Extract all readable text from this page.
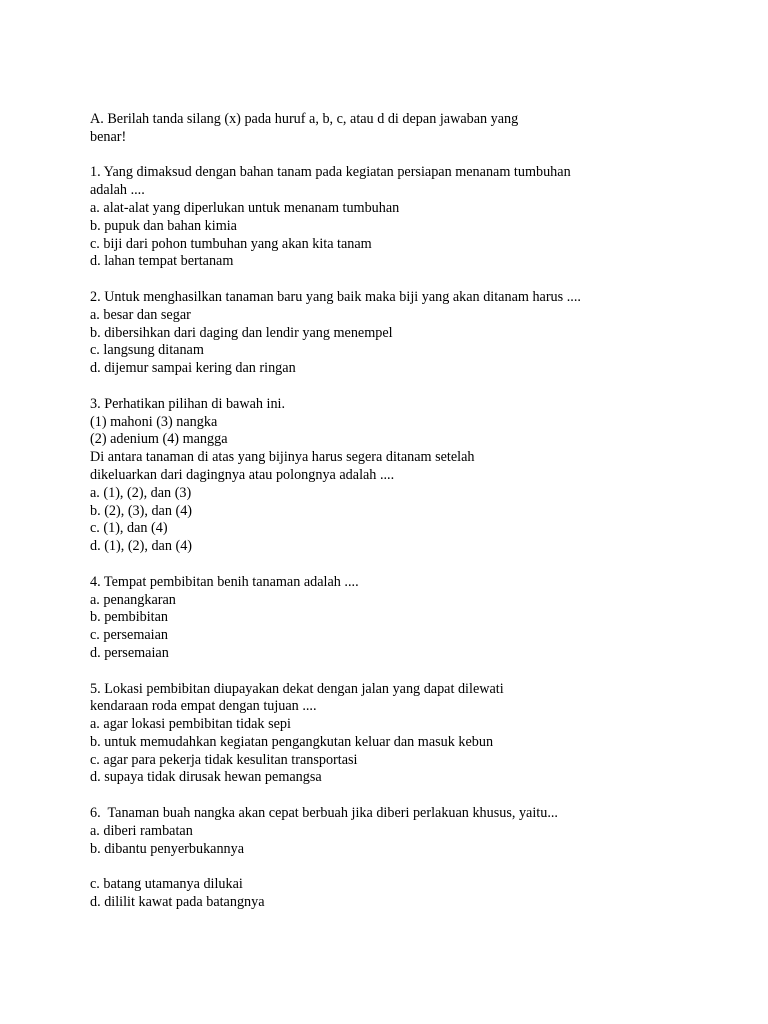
A. Berilah tanda silang (x) pada huruf a, b, c, atau d di depan jawaban yang
benar!
1. Yang dimaksud dengan bahan tanam pada kegiatan persiapan menanam tumbuhan
adalah ....
a. alat-alat yang diperlukan untuk menanam tumbuhan
b. pupuk dan bahan kimia
c. biji dari pohon tumbuhan yang akan kita tanam
d. lahan tempat bertanam
2. Untuk menghasilkan tanaman baru yang baik maka biji yang akan ditanam harus ....
a. besar dan segar
b. dibersihkan dari daging dan lendir yang menempel
c. langsung ditanam
d. dijemur sampai kering dan ringan
3. Perhatikan pilihan di bawah ini.
(1) mahoni (3) nangka
(2) adenium (4) mangga
Di antara tanaman di atas yang bijinya harus segera ditanam setelah
dikeluarkan dari dagingnya atau polongnya adalah ....
a. (1), (2), dan (3)
b. (2), (3), dan (4)
c. (1), dan (4)
d. (1), (2), dan (4)
4. Tempat pembibitan benih tanaman adalah ....
a. penangkaran
b. pembibitan
c. persemaian
d. persemaian
5. Lokasi pembibitan diupayakan dekat dengan jalan yang dapat dilewati
kendaraan roda empat dengan tujuan ....
a. agar lokasi pembibitan tidak sepi
b. untuk memudahkan kegiatan pengangkutan keluar dan masuk kebun
c. agar para pekerja tidak kesulitan transportasi
d. supaya tidak dirusak hewan pemangsa
6.  Tanaman buah nangka akan cepat berbuah jika diberi perlakuan khusus, yaitu...
a. diberi rambatan
b. dibantu penyerbukannya
c. batang utamanya dilukai
d. dililit kawat pada batangnya
